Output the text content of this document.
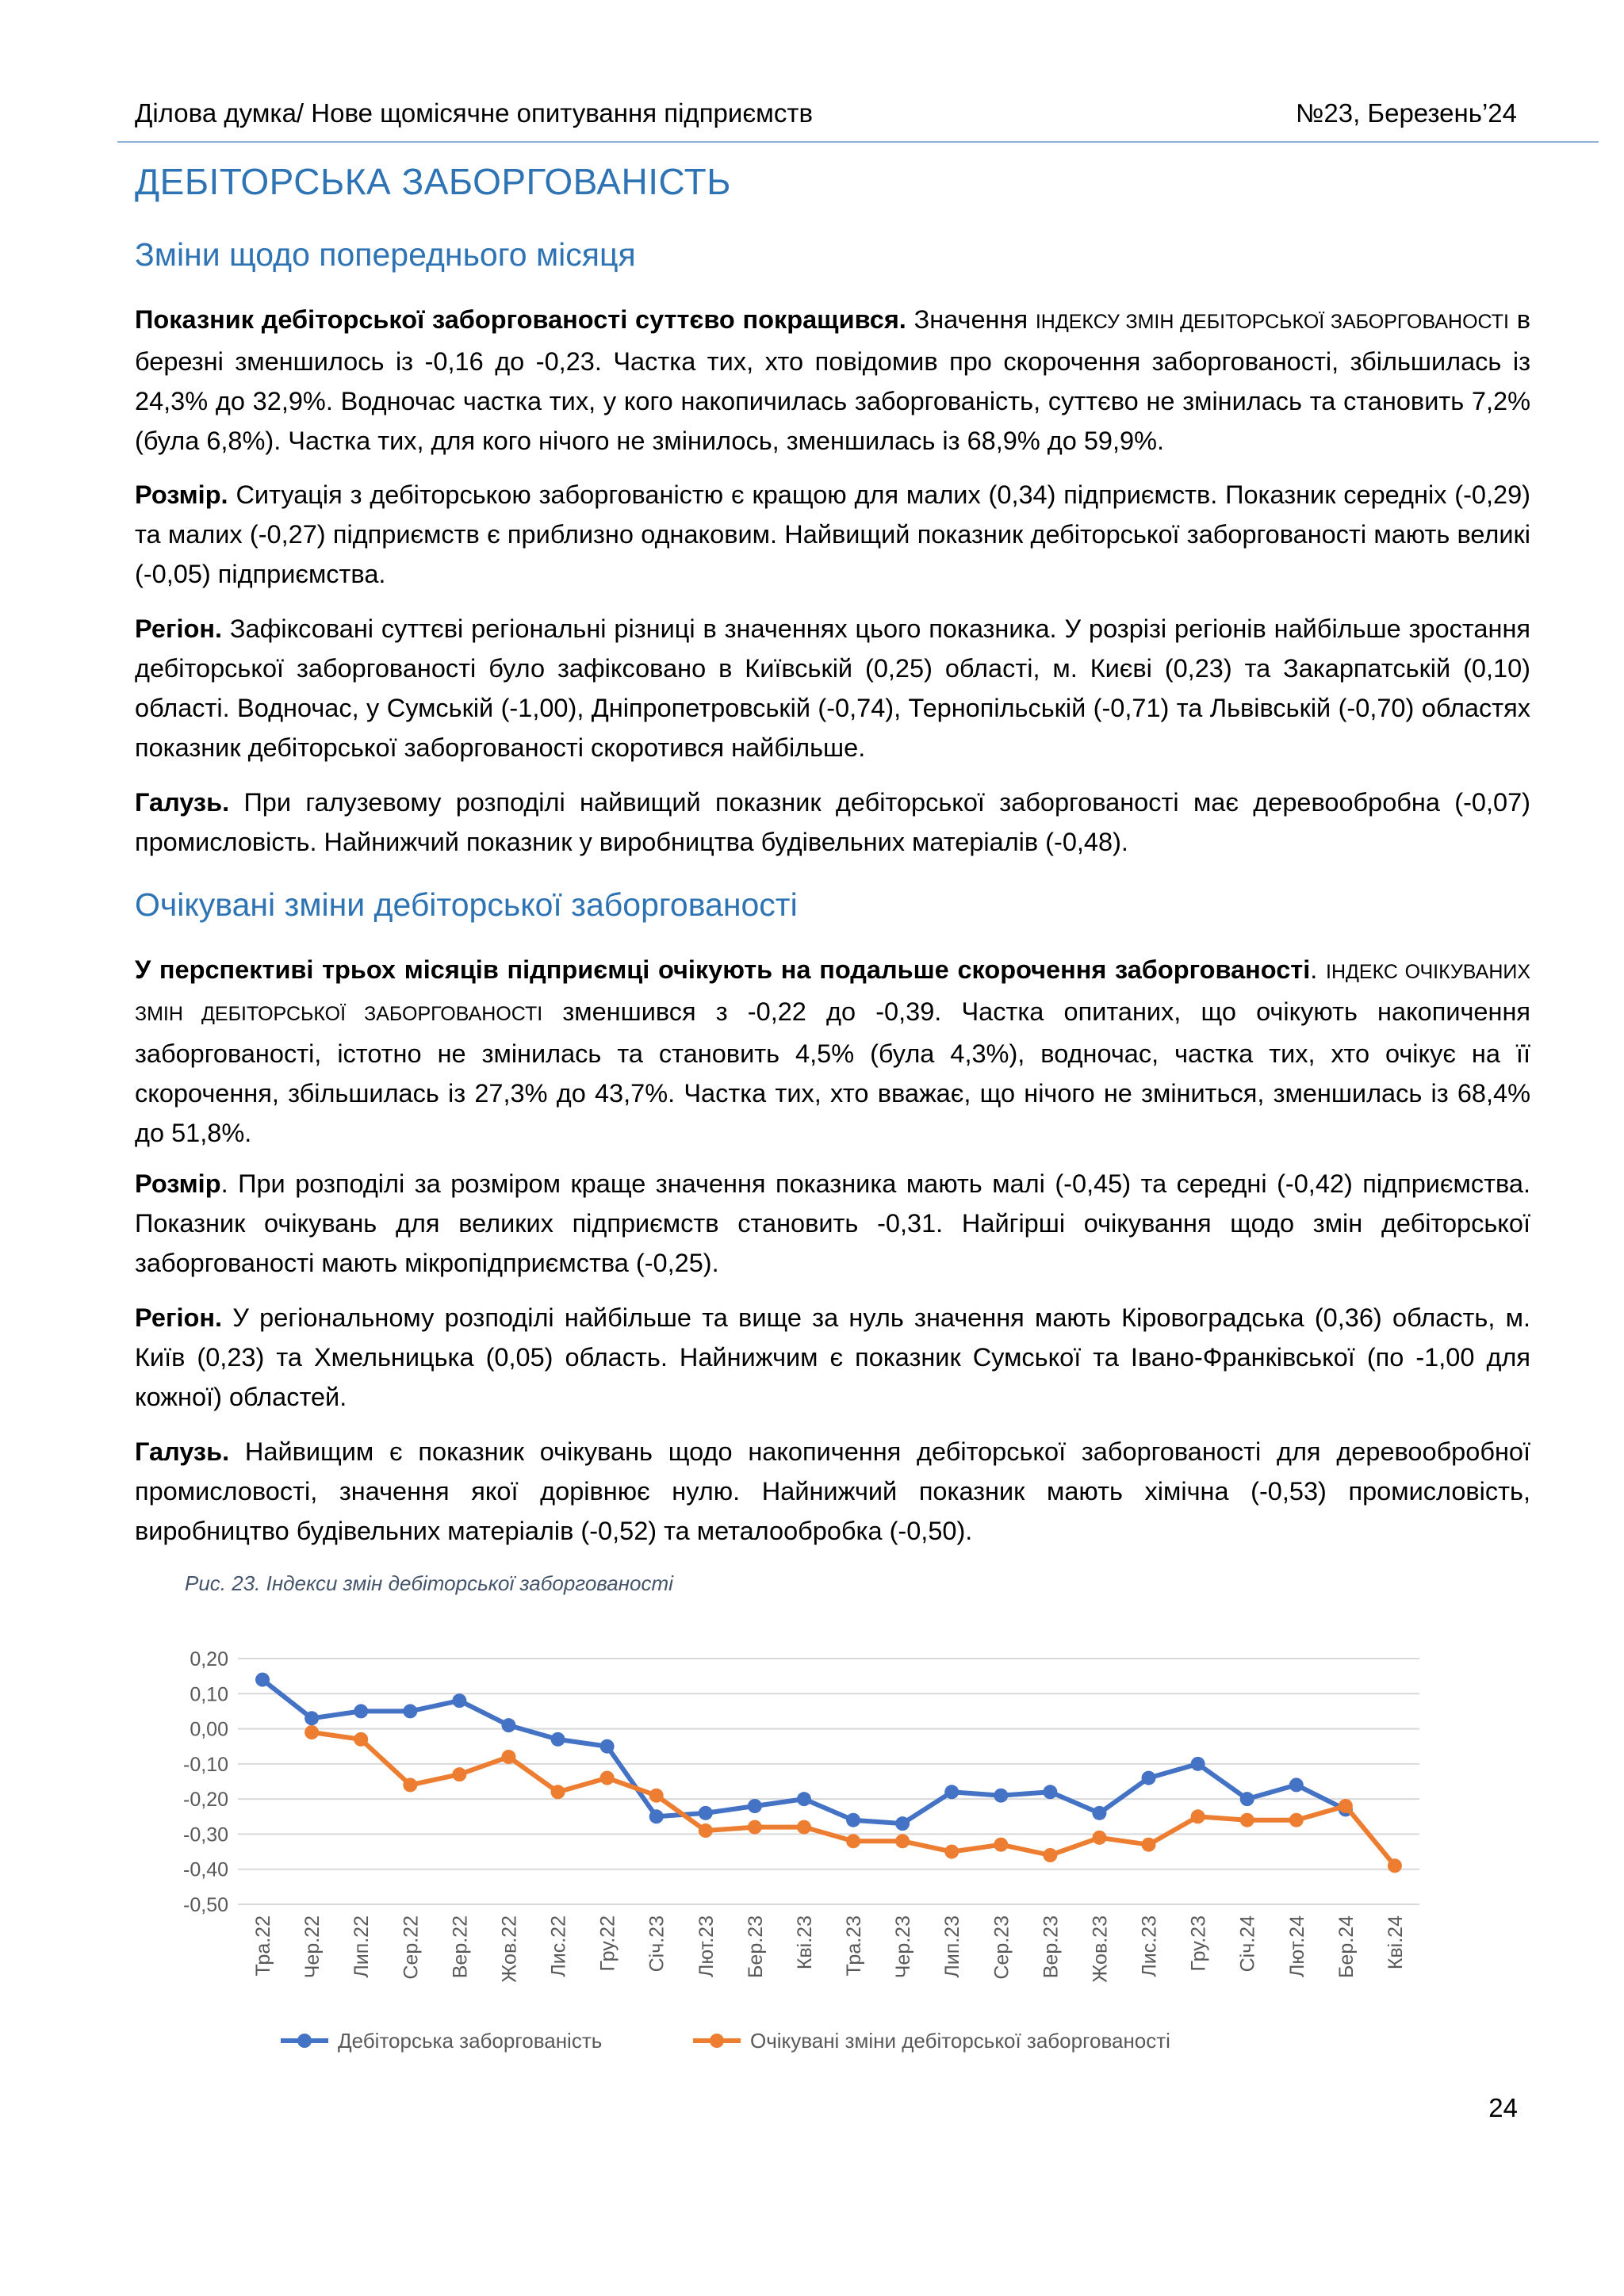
Ділова думка/ Нове щомісячне опитування підприємств	№23, Березень’24
ДЕБІТОРСЬКА ЗАБОРГОВАНІСТЬ
Зміни щодо попереднього місяця

Показник дебіторської заборгованості суттєво покращився. Значення ІНДЕКСУ ЗМІН ДЕБІТОРСЬКОЇ ЗАБОРГОВАНОСТІ в березні зменшилось із -0,16 до -0,23. Частка тих, хто повідомив про скорочення заборгованості, збільшилась із 24,3% до 32,9%. Водночас частка тих, у кого накопичилась заборгованість, суттєво не змінилась та становить 7,2% (була 6,8%). Частка тих, для кого нічого не змінилось, зменшилась із 68,9% до 59,9%.

Розмір. Ситуація з дебіторською заборгованістю є кращою для малих (0,34) підприємств. Показник середніх (-0,29) та малих (-0,27) підприємств є приблизно однаковим. Найвищий показник дебіторської заборгованості мають великі (-0,05) підприємства.

Регіон. Зафіксовані суттєві регіональні різниці в значеннях цього показника. У розрізі регіонів найбільше зростання дебіторської заборгованості було зафіксовано в Київській (0,25) області, м. Києві (0,23) та Закарпатській (0,10) області. Водночас, у Сумській (-1,00), Дніпропетровській (-0,74), Тернопільській (-0,71) та Львівській (-0,70) областях показник дебіторської заборгованості скоротився найбільше.

Галузь. При галузевому розподілі найвищий показник дебіторської заборгованості має деревообробна (-0,07) промисловість. Найнижчий показник у виробництва будівельних матеріалів (-0,48).

Очікувані зміни дебіторської заборгованості

У перспективі трьох місяців підприємці очікують на подальше скорочення заборгованості. ІНДЕКС ОЧІКУВАНИХ ЗМІН ДЕБІТОРСЬКОЇ ЗАБОРГОВАНОСТІ зменшився з -0,22 до -0,39. Частка опитаних, що очікують накопичення заборгованості, істотно не змінилась та становить 4,5% (була 4,3%), водночас, частка тих, хто очікує на її скорочення, збільшилась із 27,3% до 43,7%. Частка тих, хто вважає, що нічого не зміниться, зменшилась із 68,4% до 51,8%.

Розмір. При розподілі за розміром краще значення показника мають малі (-0,45) та середні (-0,42) підприємства. Показник очікувань для великих підприємств становить -0,31. Найгірші очікування щодо змін дебіторської заборгованості мають мікропідприємства (-0,25).

Регіон. У регіональному розподілі найбільше та вище за нуль значення мають Кіровоградська (0,36) область, м. Київ (0,23) та Хмельницька (0,05) область. Найнижчим є показник Сумської та Івано-Франківської (по -1,00 для кожної) областей.

Галузь. Найвищим є показник очікувань щодо накопичення дебіторської заборгованості для деревообробної промисловості, значення якої дорівнює нулю. Найнижчий показник мають хімічна (-0,53) промисловість, виробництво будівельних матеріалів (-0,52) та металообробка (-0,50).

Рис. 23. Індекси змін дебіторської заборгованості
0,20
0,10
0,00
-0,10
-0,20
-0,30
-0,40
-0,50
Тра.22 Чер.22 Лип.22 Сер.22 Вер.22 Жов.22 Лис.22 Гру.22 Січ.23 Лют.23 Бер.23 Кві.23 Тра.23 Чер.23 Лип.23 Сер.23 Вер.23 Жов.23 Лис.23 Гру.23 Січ.24 Лют.24 Бер.24 Кві.24
Дебіторська заборгованість	Очікувані зміни дебіторської заборгованості
24
